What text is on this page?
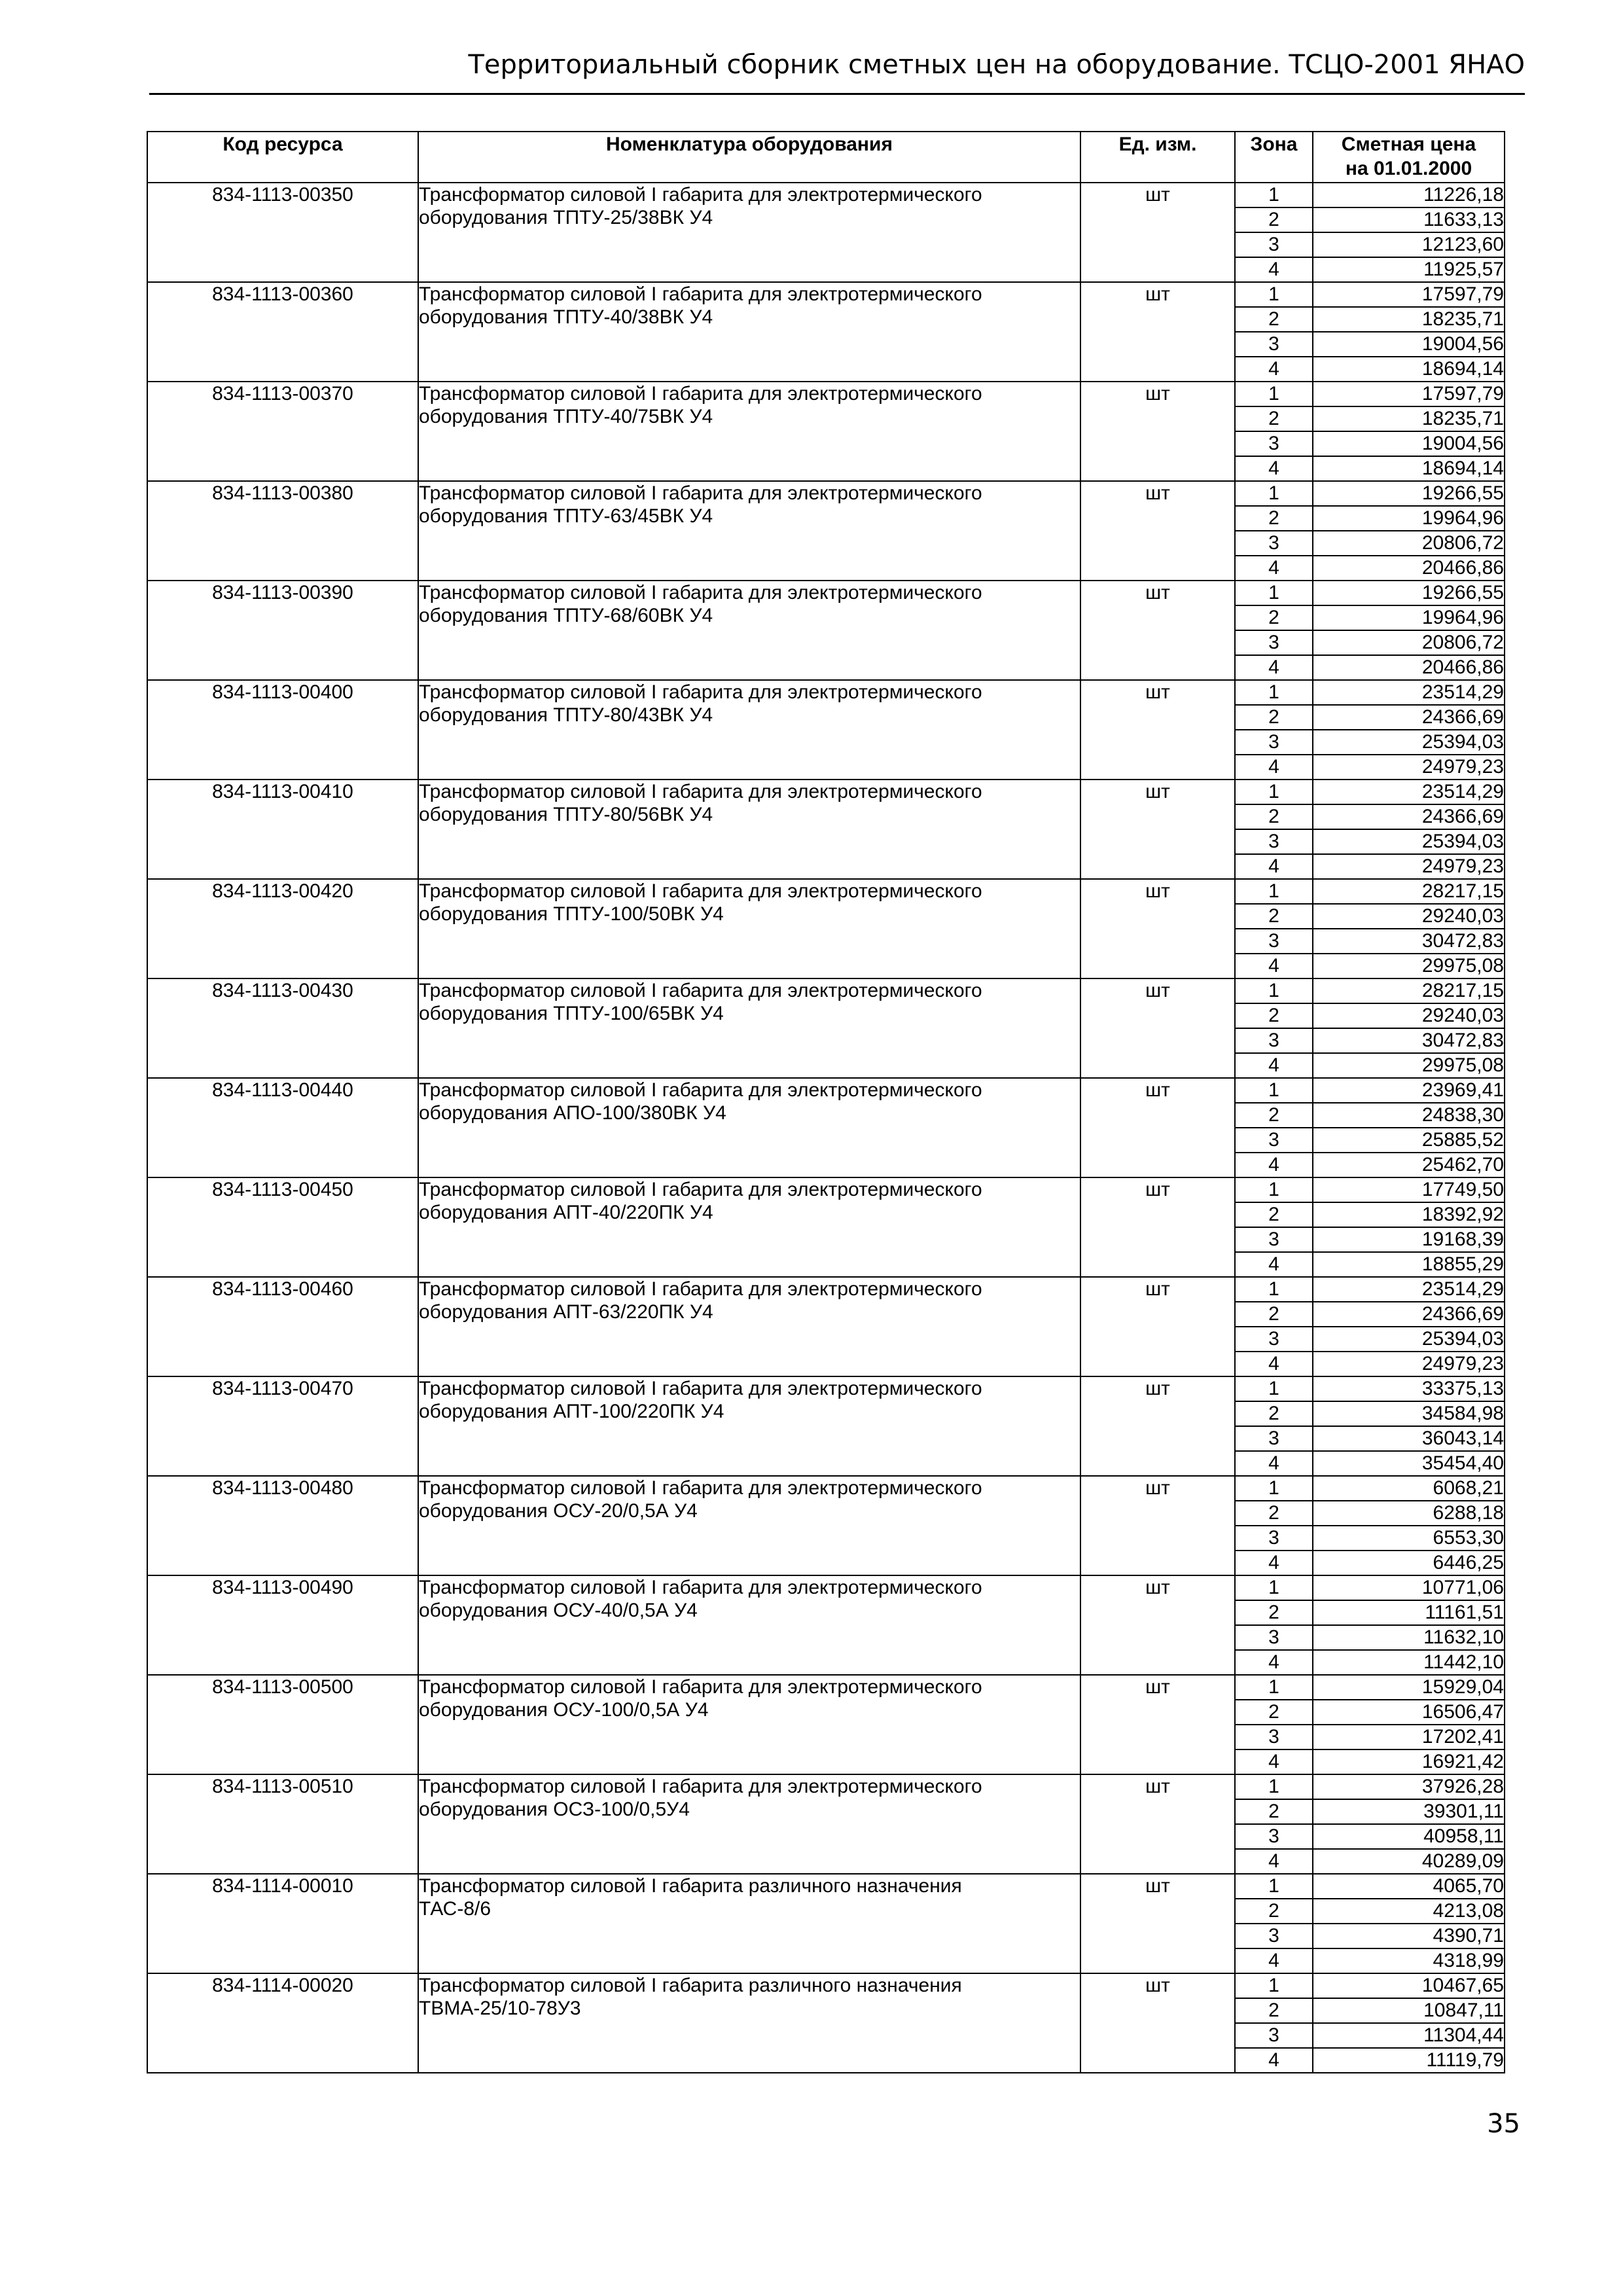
Территориальный сборник сметных цен на оборудование. ТСЦО-2001 ЯНАО
Код ресурса	Номенклатура оборудования	Ед. изм.	Зона	Сметная цена
на 01.01.2000
834-1113-00350	Трансформатор силовой I габарита для электротермического
оборудования ТПТУ-25/38ВК У4	шт	1	11226,18
			2	11633,13
			3	12123,60
			4	11925,57
834-1113-00360	Трансформатор силовой I габарита для электротермического
оборудования ТПТУ-40/38ВК У4	шт	1	17597,79
			2	18235,71
			3	19004,56
			4	18694,14
834-1113-00370	Трансформатор силовой I габарита для электротермического
оборудования ТПТУ-40/75ВК У4	шт	1	17597,79
			2	18235,71
			3	19004,56
			4	18694,14
834-1113-00380	Трансформатор силовой I габарита для электротермического
оборудования ТПТУ-63/45ВК У4	шт	1	19266,55
			2	19964,96
			3	20806,72
			4	20466,86
834-1113-00390	Трансформатор силовой I габарита для электротермического
оборудования ТПТУ-68/60ВК У4	шт	1	19266,55
			2	19964,96
			3	20806,72
			4	20466,86
834-1113-00400	Трансформатор силовой I габарита для электротермического
оборудования ТПТУ-80/43ВК У4	шт	1	23514,29
			2	24366,69
			3	25394,03
			4	24979,23
834-1113-00410	Трансформатор силовой I габарита для электротермического
оборудования ТПТУ-80/56ВК У4	шт	1	23514,29
			2	24366,69
			3	25394,03
			4	24979,23
834-1113-00420	Трансформатор силовой I габарита для электротермического
оборудования ТПТУ-100/50ВК У4	шт	1	28217,15
			2	29240,03
			3	30472,83
			4	29975,08
834-1113-00430	Трансформатор силовой I габарита для электротермического
оборудования ТПТУ-100/65ВК У4	шт	1	28217,15
			2	29240,03
			3	30472,83
			4	29975,08
834-1113-00440	Трансформатор силовой I габарита для электротермического
оборудования АПО-100/380ВК У4	шт	1	23969,41
			2	24838,30
			3	25885,52
			4	25462,70
834-1113-00450	Трансформатор силовой I габарита для электротермического
оборудования АПТ-40/220ПК У4	шт	1	17749,50
			2	18392,92
			3	19168,39
			4	18855,29
834-1113-00460	Трансформатор силовой I габарита для электротермического
оборудования АПТ-63/220ПК У4	шт	1	23514,29
			2	24366,69
			3	25394,03
			4	24979,23
834-1113-00470	Трансформатор силовой I габарита для электротермического
оборудования АПТ-100/220ПК У4	шт	1	33375,13
			2	34584,98
			3	36043,14
			4	35454,40
834-1113-00480	Трансформатор силовой I габарита для электротермического
оборудования ОСУ-20/0,5А У4	шт	1	6068,21
			2	6288,18
			3	6553,30
			4	6446,25
834-1113-00490	Трансформатор силовой I габарита для электротермического
оборудования ОСУ-40/0,5А У4	шт	1	10771,06
			2	11161,51
			3	11632,10
			4	11442,10
834-1113-00500	Трансформатор силовой I габарита для электротермического
оборудования ОСУ-100/0,5А У4	шт	1	15929,04
			2	16506,47
			3	17202,41
			4	16921,42
834-1113-00510	Трансформатор силовой I габарита для электротермического
оборудования ОСЗ-100/0,5У4	шт	1	37926,28
			2	39301,11
			3	40958,11
			4	40289,09
834-1114-00010	Трансформатор силовой I габарита различного назначения
ТАС-8/6	шт	1	4065,70
			2	4213,08
			3	4390,71
			4	4318,99
834-1114-00020	Трансформатор силовой I габарита различного назначения
ТВМА-25/10-78У3	шт	1	10467,65
			2	10847,11
			3	11304,44
			4	11119,79
35
